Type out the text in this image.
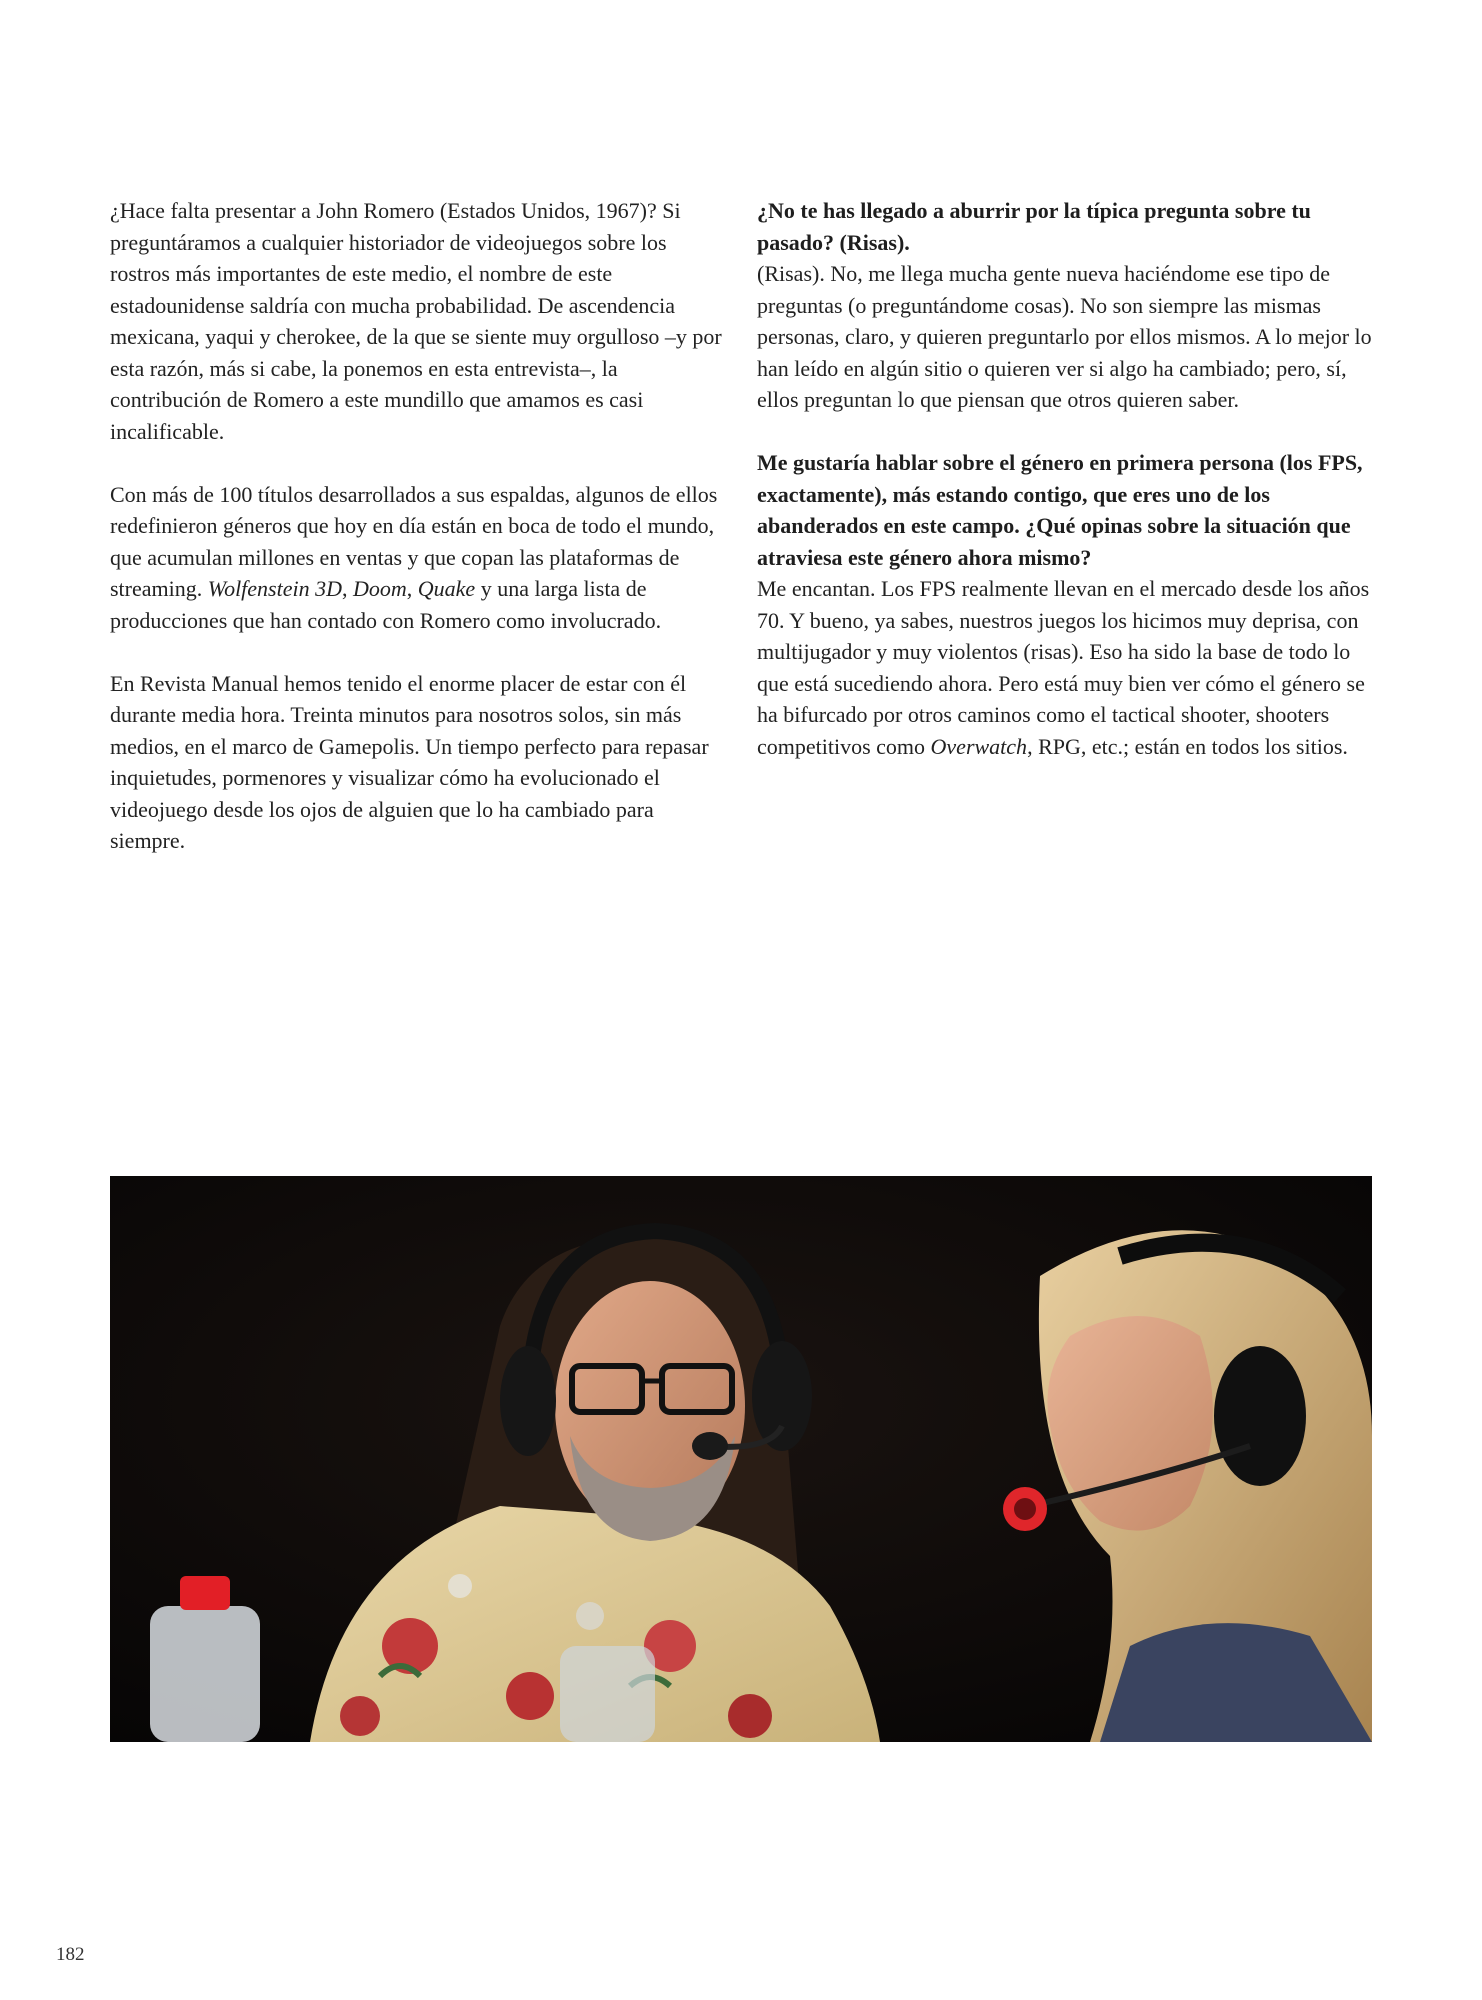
¿Hace falta presentar a John Romero (Estados Unidos, 1967)? Si preguntáramos a cualquier historiador de videojuegos sobre los rostros más importantes de este medio, el nombre de este estadounidense saldría con mucha probabilidad. De ascendencia mexicana, yaqui y cherokee, de la que se siente muy orgulloso –y por esta razón, más si cabe, la ponemos en esta entrevista–, la contribución de Romero a este mundillo que amamos es casi incalificable.

Con más de 100 títulos desarrollados a sus espaldas, algunos de ellos redefinieron géneros que hoy en día están en boca de todo el mundo, que acumulan millones en ventas y que copan las plataformas de streaming. Wolfenstein 3D, Doom, Quake y una larga lista de producciones que han contado con Romero como involucrado.

En Revista Manual hemos tenido el enorme placer de estar con él durante media hora. Treinta minutos para nosotros solos, sin más medios, en el marco de Gamepolis. Un tiempo perfecto para repasar inquietudes, pormenores y visualizar cómo ha evolucionado el videojuego desde los ojos de alguien que lo ha cambiado para siempre.

¿No te has llegado a aburrir por la típica pregunta sobre tu pasado? (Risas).

(Risas). No, me llega mucha gente nueva haciéndome ese tipo de preguntas (o preguntándome cosas). No son siempre las mismas personas, claro, y quieren preguntarlo por ellos mismos. A lo mejor lo han leído en algún sitio o quieren ver si algo ha cambiado; pero, sí, ellos preguntan lo que piensan que otros quieren saber.

Me gustaría hablar sobre el género en primera persona (los FPS, exactamente), más estando contigo, que eres uno de los abanderados en este campo. ¿Qué opinas sobre la situación que atraviesa este género ahora mismo?
Me encantan. Los FPS realmente llevan en el mercado desde los años 70. Y bueno, ya sabes, nuestros juegos los hicimos muy deprisa, con multijugador y muy violentos (risas). Eso ha sido la base de todo lo que está sucediendo ahora. Pero está muy bien ver cómo el género se ha bifurcado por otros caminos como el tactical shooter, shooters competitivos como Overwatch, RPG, etc.; están en todos los sitios.

182
